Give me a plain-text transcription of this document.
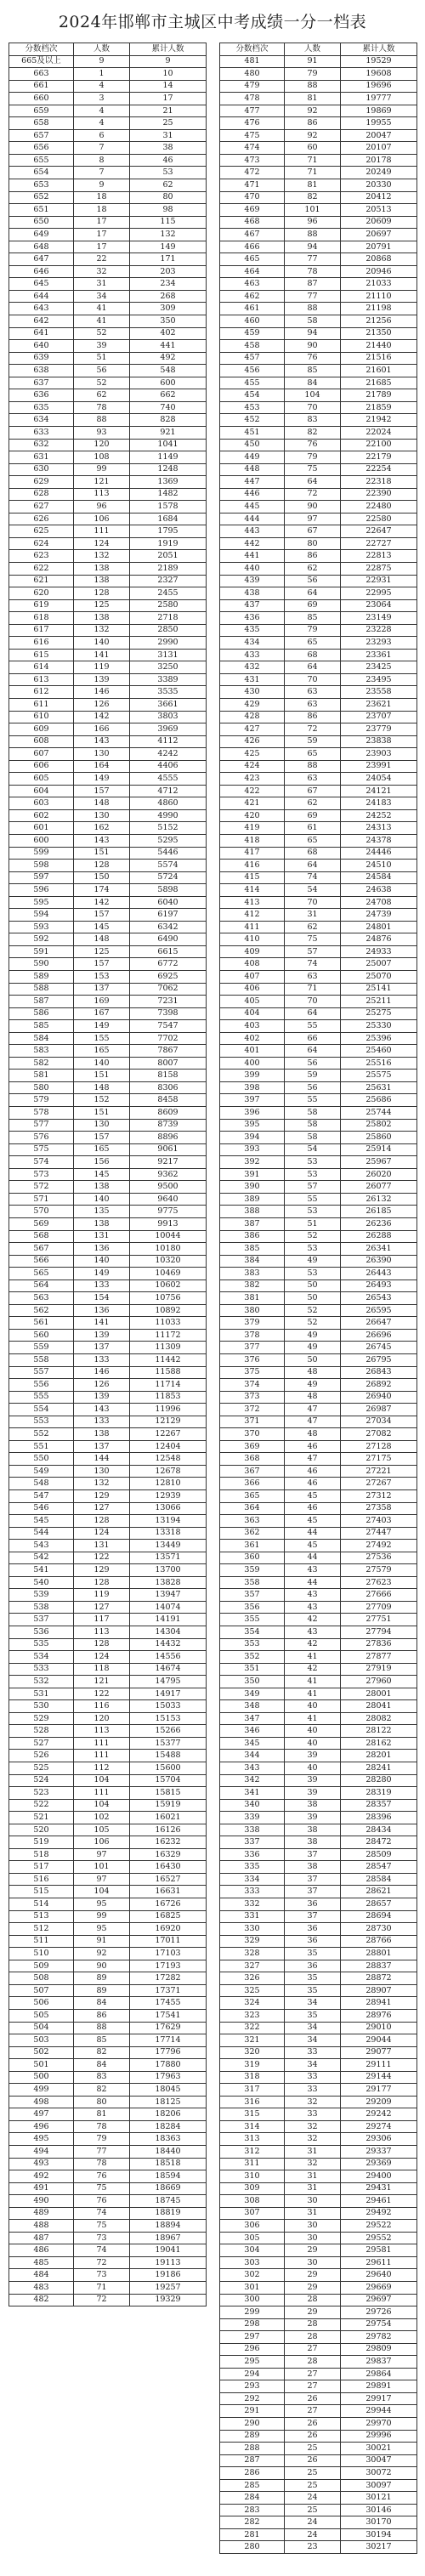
2024年邯郸市主城区中考成绩一分一档表
分数档次	人数	累计人数
665及以上	9	9
663	1	10
661	4	14
660	3	17
659	4	21
658	4	25
657	6	31
656	7	38
655	8	46
654	7	53
653	9	62
652	18	80
651	18	98
650	17	115
649	17	132
648	17	149
647	22	171
646	32	203
645	31	234
644	34	268
643	41	309
642	41	350
641	52	402
640	39	441
639	51	492
638	56	548
637	52	600
636	62	662
635	78	740
634	88	828
633	93	921
632	120	1041
631	108	1149
630	99	1248
629	121	1369
628	113	1482
627	96	1578
626	106	1684
625	111	1795
624	124	1919
623	132	2051
622	138	2189
621	138	2327
620	128	2455
619	125	2580
618	138	2718
617	132	2850
616	140	2990
615	141	3131
614	119	3250
613	139	3389
612	146	3535
611	126	3661
610	142	3803
609	166	3969
608	143	4112
607	130	4242
606	164	4406
605	149	4555
604	157	4712
603	148	4860
602	130	4990
601	162	5152
600	143	5295
599	151	5446
598	128	5574
597	150	5724
596	174	5898
595	142	6040
594	157	6197
593	145	6342
592	148	6490
591	125	6615
590	157	6772
589	153	6925
588	137	7062
587	169	7231
586	167	7398
585	149	7547
584	155	7702
583	165	7867
582	140	8007
581	151	8158
580	148	8306
579	152	8458
578	151	8609
577	130	8739
576	157	8896
575	165	9061
574	156	9217
573	145	9362
572	138	9500
571	140	9640
570	135	9775
569	138	9913
568	131	10044
567	136	10180
566	140	10320
565	149	10469
564	133	10602
563	154	10756
562	136	10892
561	141	11033
560	139	11172
559	137	11309
558	133	11442
557	146	11588
556	126	11714
555	139	11853
554	143	11996
553	133	12129
552	138	12267
551	137	12404
550	144	12548
549	130	12678
548	132	12810
547	129	12939
546	127	13066
545	128	13194
544	124	13318
543	131	13449
542	122	13571
541	129	13700
540	128	13828
539	119	13947
538	127	14074
537	117	14191
536	113	14304
535	128	14432
534	124	14556
533	118	14674
532	121	14795
531	122	14917
530	116	15033
529	120	15153
528	113	15266
527	111	15377
526	111	15488
525	112	15600
524	104	15704
523	111	15815
522	104	15919
521	102	16021
520	105	16126
519	106	16232
518	97	16329
517	101	16430
516	97	16527
515	104	16631
514	95	16726
513	99	16825
512	95	16920
511	91	17011
510	92	17103
509	90	17193
508	89	17282
507	89	17371
506	84	17455
505	86	17541
504	88	17629
503	85	17714
502	82	17796
501	84	17880
500	83	17963
499	82	18045
498	80	18125
497	81	18206
496	78	18284
495	79	18363
494	77	18440
493	78	18518
492	76	18594
491	75	18669
490	76	18745
489	74	18819
488	75	18894
487	73	18967
486	74	19041
485	72	19113
484	73	19186
483	71	19257
482	72	19329
分数档次	人数	累计人数
481	91	19529
480	79	19608
479	88	19696
478	81	19777
477	92	19869
476	86	19955
475	92	20047
474	60	20107
473	71	20178
472	71	20249
471	81	20330
470	82	20412
469	101	20513
468	96	20609
467	88	20697
466	94	20791
465	77	20868
464	78	20946
463	87	21033
462	77	21110
461	88	21198
460	58	21256
459	94	21350
458	90	21440
457	76	21516
456	85	21601
455	84	21685
454	104	21789
453	70	21859
452	83	21942
451	82	22024
450	76	22100
449	79	22179
448	75	22254
447	64	22318
446	72	22390
445	90	22480
444	97	22580
443	67	22647
442	80	22727
441	86	22813
440	62	22875
439	56	22931
438	64	22995
437	69	23064
436	85	23149
435	79	23228
434	65	23293
433	68	23361
432	64	23425
431	70	23495
430	63	23558
429	63	23621
428	86	23707
427	72	23779
426	59	23838
425	65	23903
424	88	23991
423	63	24054
422	67	24121
421	62	24183
420	69	24252
419	61	24313
418	65	24378
417	68	24446
416	64	24510
415	74	24584
414	54	24638
413	70	24708
412	31	24739
411	62	24801
410	75	24876
409	57	24933
408	74	25007
407	63	25070
406	71	25141
405	70	25211
404	64	25275
403	55	25330
402	66	25396
401	64	25460
400	56	25516
399	59	25575
398	56	25631
397	55	25686
396	58	25744
395	58	25802
394	58	25860
393	54	25914
392	53	25967
391	53	26020
390	57	26077
389	55	26132
388	53	26185
387	51	26236
386	52	26288
385	53	26341
384	49	26390
383	53	26443
382	50	26493
381	50	26543
380	52	26595
379	52	26647
378	49	26696
377	49	26745
376	50	26795
375	48	26843
374	49	26892
373	48	26940
372	47	26987
371	47	27034
370	48	27082
369	46	27128
368	47	27175
367	46	27221
366	46	27267
365	45	27312
364	46	27358
363	45	27403
362	44	27447
361	45	27492
360	44	27536
359	43	27579
358	44	27623
357	43	27666
356	43	27709
355	42	27751
354	43	27794
353	42	27836
352	41	27877
351	42	27919
350	41	27960
349	41	28001
348	40	28041
347	41	28082
346	40	28122
345	40	28162
344	39	28201
343	40	28241
342	39	28280
341	39	28319
340	38	28357
339	39	28396
338	38	28434
337	38	28472
336	37	28509
335	38	28547
334	37	28584
333	37	28621
332	36	28657
331	37	28694
330	36	28730
329	36	28766
328	35	28801
327	36	28837
326	35	28872
325	35	28907
324	34	28941
323	35	28976
322	34	29010
321	34	29044
320	33	29077
319	34	29111
318	33	29144
317	33	29177
316	32	29209
315	33	29242
314	32	29274
313	32	29306
312	31	29337
311	32	29369
310	31	29400
309	31	29431
308	30	29461
307	31	29492
306	30	29522
305	30	29552
304	29	29581
303	30	29611
302	29	29640
301	29	29669
300	28	29697
299	29	29726
298	28	29754
297	28	29782
296	27	29809
295	28	29837
294	27	29864
293	27	29891
292	26	29917
291	27	29944
290	26	29970
289	26	29996
288	25	30021
287	26	30047
286	25	30072
285	25	30097
284	24	30121
283	25	30146
282	24	30170
281	24	30194
280	23	30217
